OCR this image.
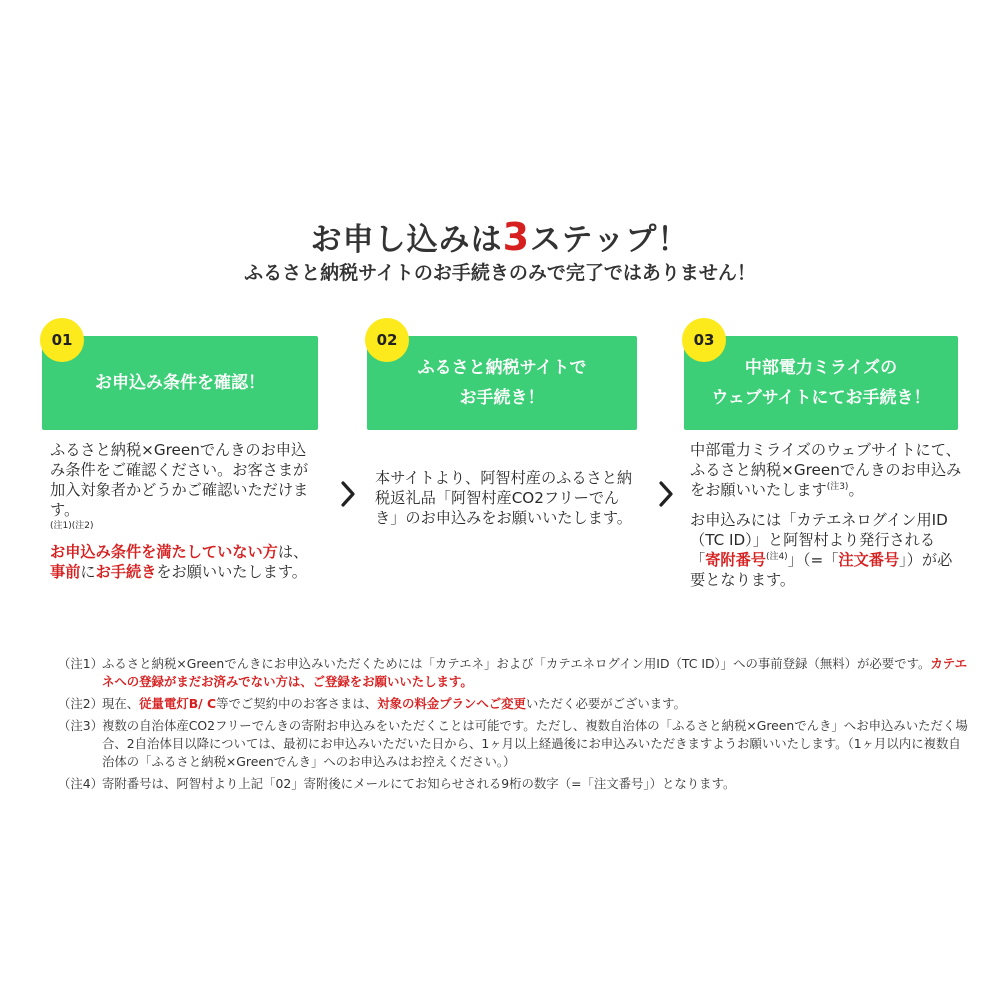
お申し込みは3ステップ！

ふるさと納税サイトのお手続きのみで完了ではありません！

01
お申込み条件を確認！

ふるさと納税×Greenでんきのお申込み条件をご確認ください。お客さまが加入対象者かどうかご確認いただけます。
(注1)(注2)

お申込み条件を満たしていない方は、事前にお手続きをお願いいたします。

02
ふるさと納税サイトで
お手続き！

本サイトより、阿智村産のふるさと納税返礼品「阿智村産CO2フリーでんき」のお申込みをお願いいたします。

03
中部電力ミライズの
ウェブサイトにてお手続き！

中部電力ミライズのウェブサイトにて、ふるさと納税×Greenでんきのお申込みをお願いいたします$^{(注3)}$。

お申込みには「カテエネログイン用ID（TC ID）」と阿智村より発行される「寄附番号$^{(注4)}$」（=「注文番号」）が必要となります。

（注1）
ふるさと納税×Greenでんきにお申込みいただくためには「カテエネ」および「カテエネログイン用ID（TC ID）」への事前登録（無料）が必要です。カテエネへの登録がまだお済みでない方は、ご登録をお願いいたします。
（注2）
現在、従量電灯B/ C等でご契約中のお客さまは、対象の料金プランへご変更いただく必要がございます。
（注3）
複数の自治体産CO2フリーでんきの寄附お申込みをいただくことは可能です。ただし、複数自治体の「ふるさと納税×Greenでんき」へお申込みいただく場合、2自治体目以降については、最初にお申込みいただいた日から、1ヶ月以上経過後にお申込みいただきますようお願いいたします。（1ヶ月以内に複数自治体の「ふるさと納税×Greenでんき」へのお申込みはお控えください。）
（注4）
寄附番号は、阿智村より上記「02」寄附後にメールにてお知らせされる9桁の数字（=「注文番号」）となります。
